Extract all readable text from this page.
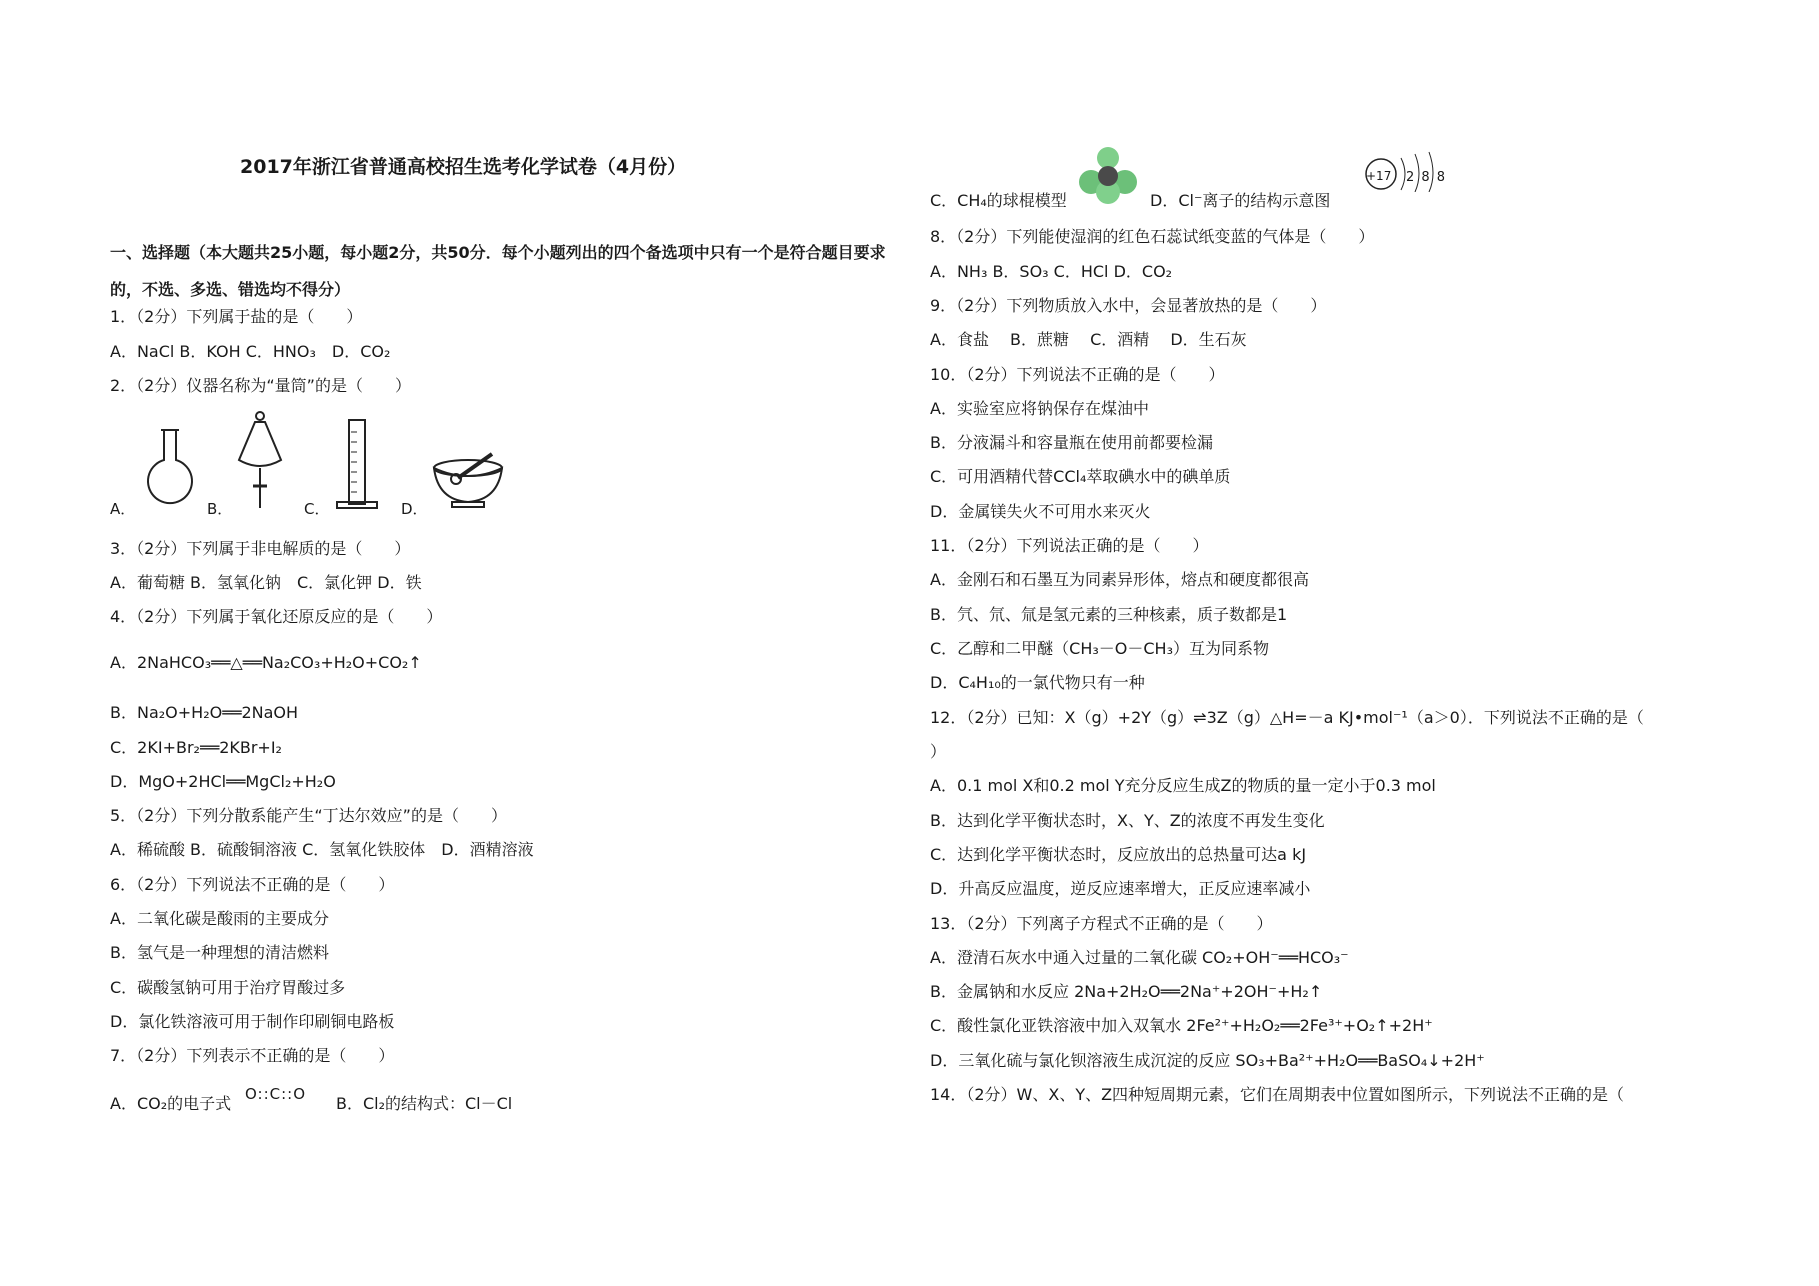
2017年浙江省普通高校招生选考化学试卷（4月份）
一、选择题（本大题共25小题，每小题2分，共50分．每个小题列出的四个备选项中只有一个是符合题目要求的，不选、多选、错选均不得分）
1．（2分）下列属于盐的是（　　）
A．NaCl B．KOH C．HNO₃　D．CO₂
2．（2分）仪器名称为“量筒”的是（　　）
A．	B．	C．	D．
3．（2分）下列属于非电解质的是（　　）
A．葡萄糖 B．氢氧化钠　C．氯化钾 D．铁
4．（2分）下列属于氧化还原反应的是（　　）
A．2NaHCO₃══△══Na₂CO₃+H₂O+CO₂↑
B．Na₂O+H₂O══2NaOH
C．2KI+Br₂══2KBr+I₂
D．MgO+2HCl══MgCl₂+H₂O
5．（2分）下列分散系能产生“丁达尔效应”的是（　　）
A．稀硫酸 B．硫酸铜溶液 C．氢氧化铁胶体　D．酒精溶液
6．（2分）下列说法不正确的是（　　）
A．二氧化碳是酸雨的主要成分
B．氢气是一种理想的清洁燃料
C．碳酸氢钠可用于治疗胃酸过多
D．氯化铁溶液可用于制作印刷铜电路板
7．（2分）下列表示不正确的是（　　）
A．CO₂的电子式 O::C::O B．Cl₂的结构式：Cl－Cl
C．CH₄的球棍模型	D．Cl⁻离子的结构示意图
+17 2 8 8
8．（2分）下列能使湿润的红色石蕊试纸变蓝的气体是（　　）
A．NH₃ B．SO₃ C．HCl D．CO₂
9．（2分）下列物质放入水中，会显著放热的是（　　）
A．食盐　 B．蔗糖　 C．酒精　 D．生石灰
10．（2分）下列说法不正确的是（　　）
A．实验室应将钠保存在煤油中
B．分液漏斗和容量瓶在使用前都要检漏
C．可用酒精代替CCl₄萃取碘水中的碘单质
D．金属镁失火不可用水来灭火
11．（2分）下列说法正确的是（　　）
A．金刚石和石墨互为同素异形体，熔点和硬度都很高
B．氕、氘、氚是氢元素的三种核素，质子数都是1
C．乙醇和二甲醚（CH₃－O－CH₃）互为同系物
D．C₄H₁₀的一氯代物只有一种
12．（2分）已知：X（g）+2Y（g）⇌3Z（g）△H=－a KJ•mol⁻¹（a＞0）．下列说法不正确的是（
）
A．0.1 mol X和0.2 mol Y充分反应生成Z的物质的量一定小于0.3 mol
B．达到化学平衡状态时，X、Y、Z的浓度不再发生变化
C．达到化学平衡状态时，反应放出的总热量可达a kJ
D．升高反应温度，逆反应速率增大，正反应速率减小
13．（2分）下列离子方程式不正确的是（　　）
A．澄清石灰水中通入过量的二氧化碳 CO₂+OH⁻══HCO₃⁻
B．金属钠和水反应 2Na+2H₂O══2Na⁺+2OH⁻+H₂↑
C．酸性氯化亚铁溶液中加入双氧水 2Fe²⁺+H₂O₂══2Fe³⁺+O₂↑+2H⁺
D．三氧化硫与氯化钡溶液生成沉淀的反应 SO₃+Ba²⁺+H₂O══BaSO₄↓+2H⁺
14．（2分）W、X、Y、Z四种短周期元素，它们在周期表中位置如图所示，下列说法不正确的是（
